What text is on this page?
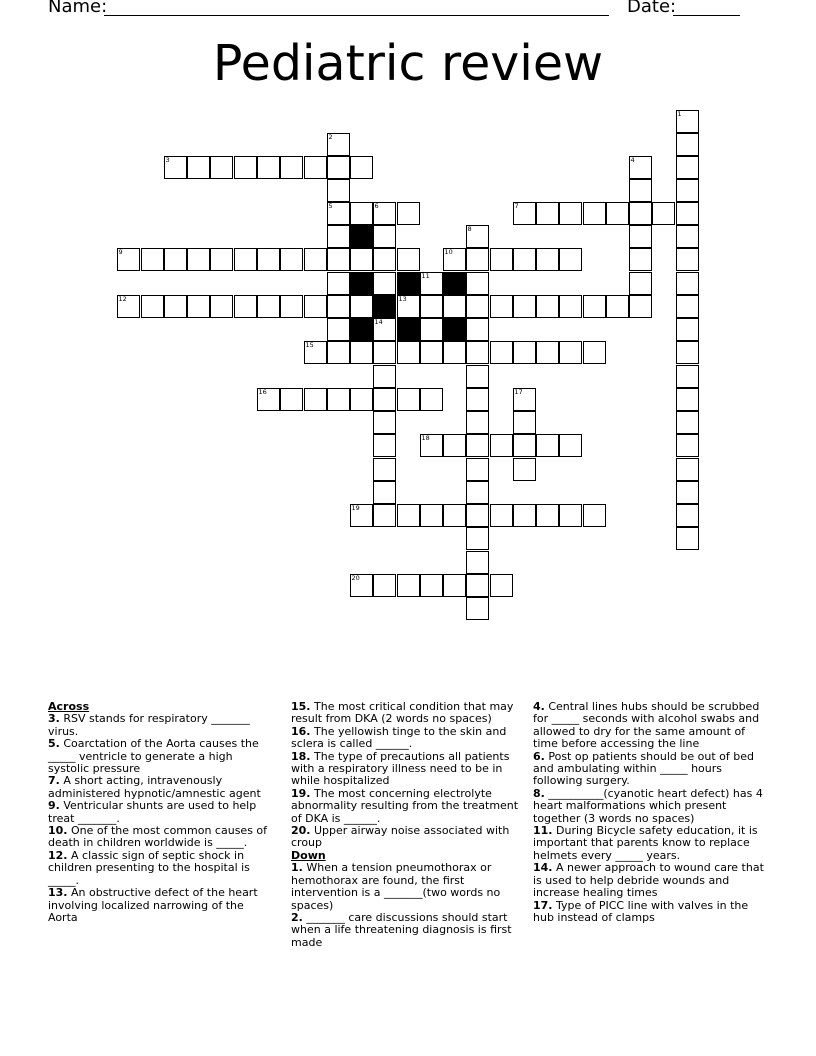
Name:	Date:
Pediatric review
1
2
5
3	4
6	7
8
9	10
11
12	13
14
15
16	17
18
19
20

Across

3. RSV stands for respiratory _______ virus.

5. Coarctation of the Aorta causes the _____ ventricle to generate a high systolic pressure

7. A short acting, intravenously administered hypnotic/amnestic agent

9. Ventricular shunts are used to help treat _______.

10. One of the most common causes of death in children worldwide is _____.

12. A classic sign of septic shock in children presenting to the hospital is _____.

13. An obstructive defect of the heart involving localized narrowing of the Aorta

15. The most critical condition that may result from DKA (2 words no spaces)

16. The yellowish tinge to the skin and sclera is called ______.

18. The type of precautions all patients with a respiratory illness need to be in while hospitalized

19. The most concerning electrolyte abnormality resulting from the treatment of DKA is ______.

20. Upper airway noise associated with croup

Down

1. When a tension pneumothorax or hemothorax are found, the first intervention is a _______(two words no spaces)

2. _______ care discussions should start when a life threatening diagnosis is first made

4. Central lines hubs should be scrubbed for _____ seconds with alcohol swabs and allowed to dry for the same amount of time before accessing the line

6. Post op patients should be out of bed and ambulating within _____ hours following surgery.

8. __________(cyanotic heart defect) has 4 heart malformations which present together (3 words no spaces)

11. During Bicycle safety education, it is important that parents know to replace helmets every _____ years.

14. A newer approach to wound care that is used to help debride wounds and increase healing times

17. Type of PICC line with valves in the hub instead of clamps
